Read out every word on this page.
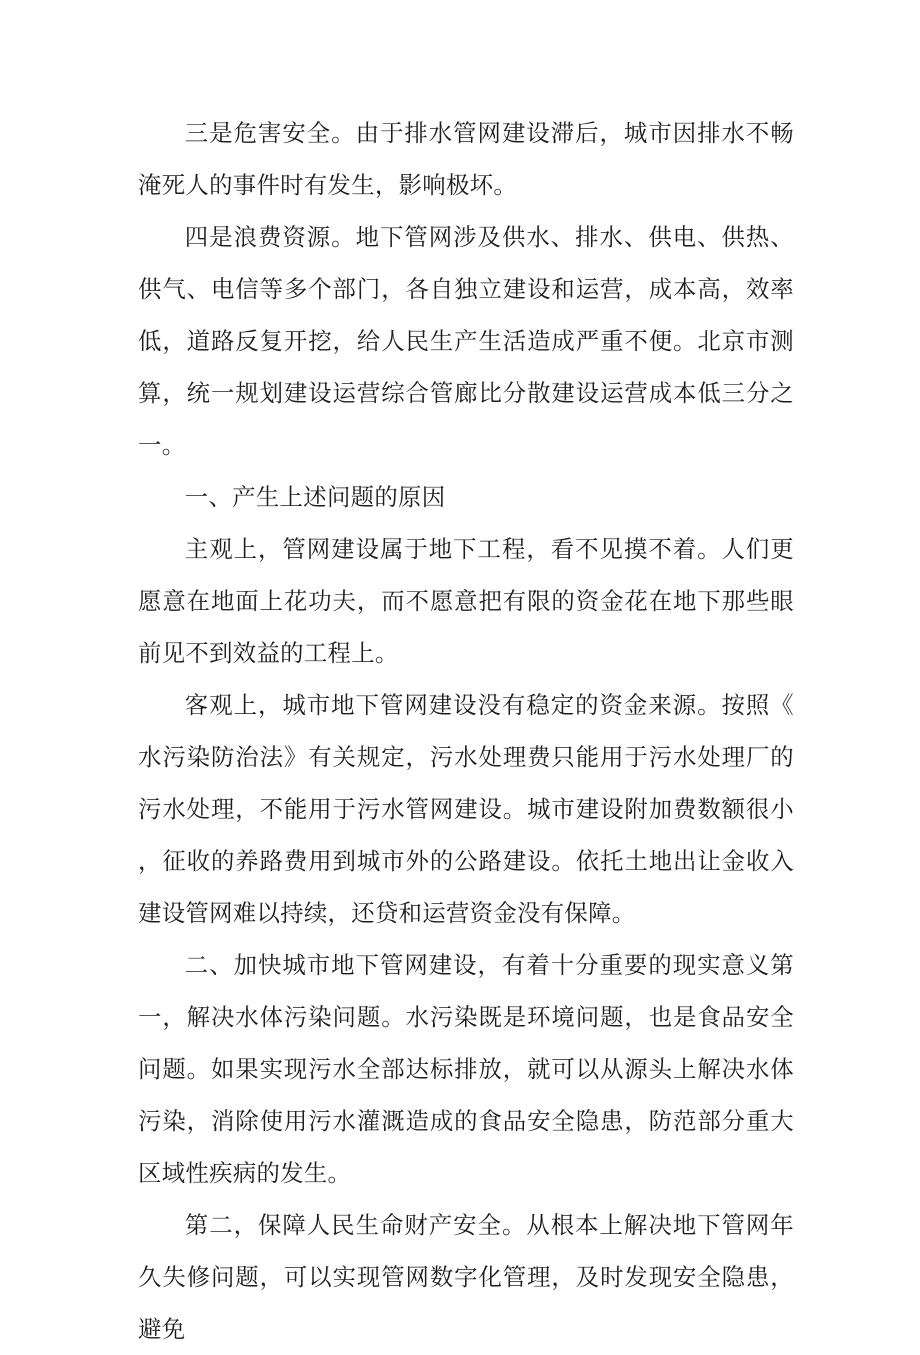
三是危害安全。由于排水管网建设滞后，城市因排水不畅淹死人的事件时有发生，影响极坏。

四是浪费资源。地下管网涉及供水、排水、供电、供热、供气、电信等多个部门，各自独立建设和运营，成本高，效率低，道路反复开挖，给人民生产生活造成严重不便。北京市测算，统一规划建设运营综合管廊比分散建设运营成本低三分之一。

一、产生上述问题的原因

主观上，管网建设属于地下工程，看不见摸不着。人们更愿意在地面上花功夫，而不愿意把有限的资金花在地下那些眼前见不到效益的工程上。

客观上，城市地下管网建设没有稳定的资金来源。按照《水污染防治法》有关规定，污水处理费只能用于污水处理厂的污水处理，不能用于污水管网建设。城市建设附加费数额很小，征收的养路费用到城市外的公路建设。依托土地出让金收入建设管网难以持续，还贷和运营资金没有保障。

二、加快城市地下管网建设，有着十分重要的现实意义第一，解决水体污染问题。水污染既是环境问题，也是食品安全问题。如果实现污水全部达标排放，就可以从源头上解决水体污染，消除使用污水灌溉造成的食品安全隐患，防范部分重大区域性疾病的发生。

第二，保障人民生命财产安全。从根本上解决地下管网年久失修问题，可以实现管网数字化管理，及时发现安全隐患，避免
